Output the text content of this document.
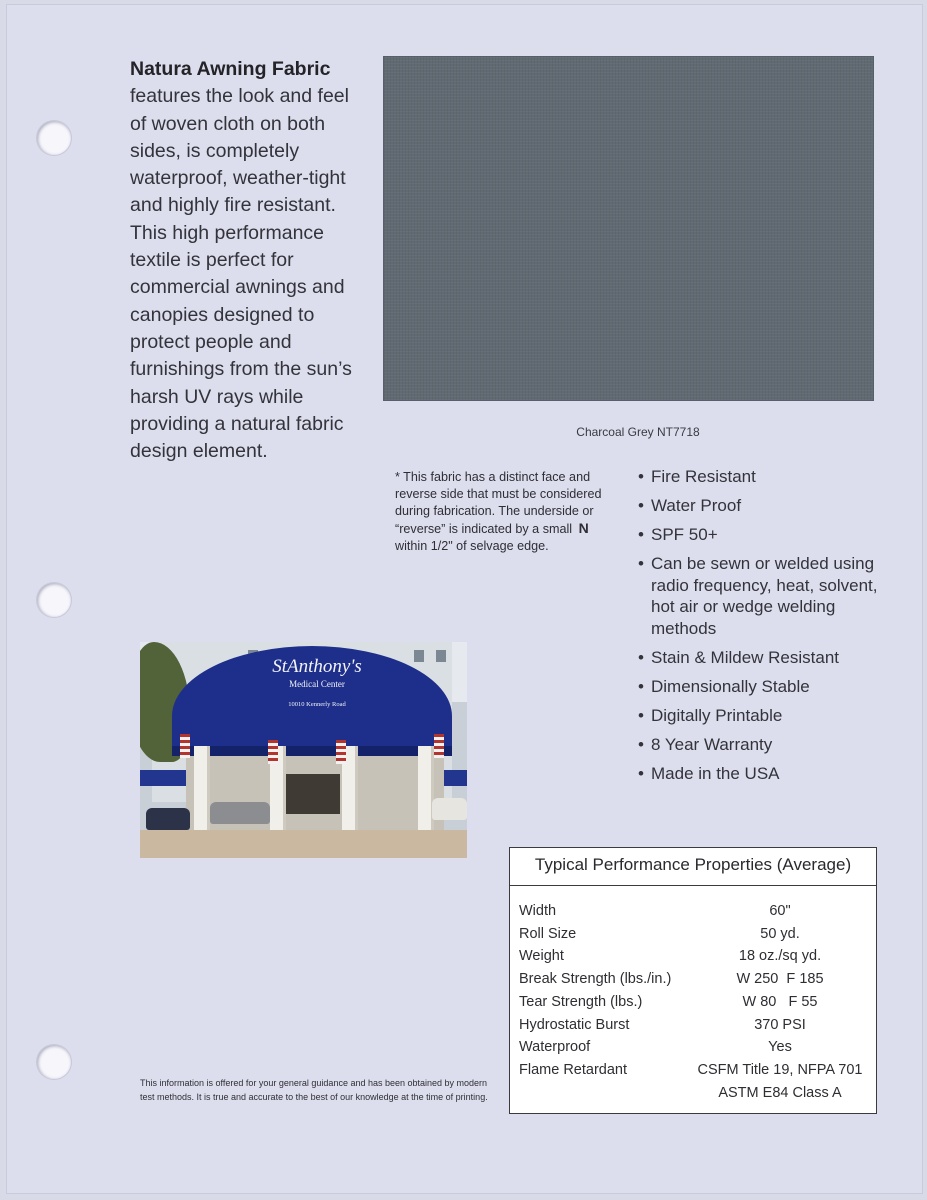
Natura Awning Fabric features the look and feel of woven cloth on both sides, is completely waterproof, weather-tight and highly fire resistant. This high performance textile is perfect for commercial awnings and canopies designed to protect people and furnishings from the sun’s harsh UV rays while providing a natural fabric design element.

Charcoal Grey NT7718

* This fabric has a distinct face and reverse side that must be considered during fabrication. The underside or “reverse” is indicated by a small N within 1/2" of selvage edge.

• Fire Resistant
• Water Proof
• SPF 50+
• Can be sewn or welded using radio frequency, heat, solvent, hot air or wedge welding methods
• Stain & Mildew Resistant
• Dimensionally Stable
• Digitally Printable
• 8 Year Warranty
• Made in the USA
StAnthony's
Medical Center
10010 Kennerly Road
Typical Performance Properties (Average)
Width	60"
Roll Size	50 yd.
Weight	18 oz./sq yd.
Break Strength (lbs./in.)	W 250  F 185
Tear Strength (lbs.)	W 80   F 55
Hydrostatic Burst	370 PSI
Waterproof	Yes
Flame Retardant	CSFM Title 19, NFPA 701
ASTM E84 Class A

This information is offered for your general guidance and has been obtained by modern test methods. It is true and accurate to the best of our knowledge at the time of printing.
